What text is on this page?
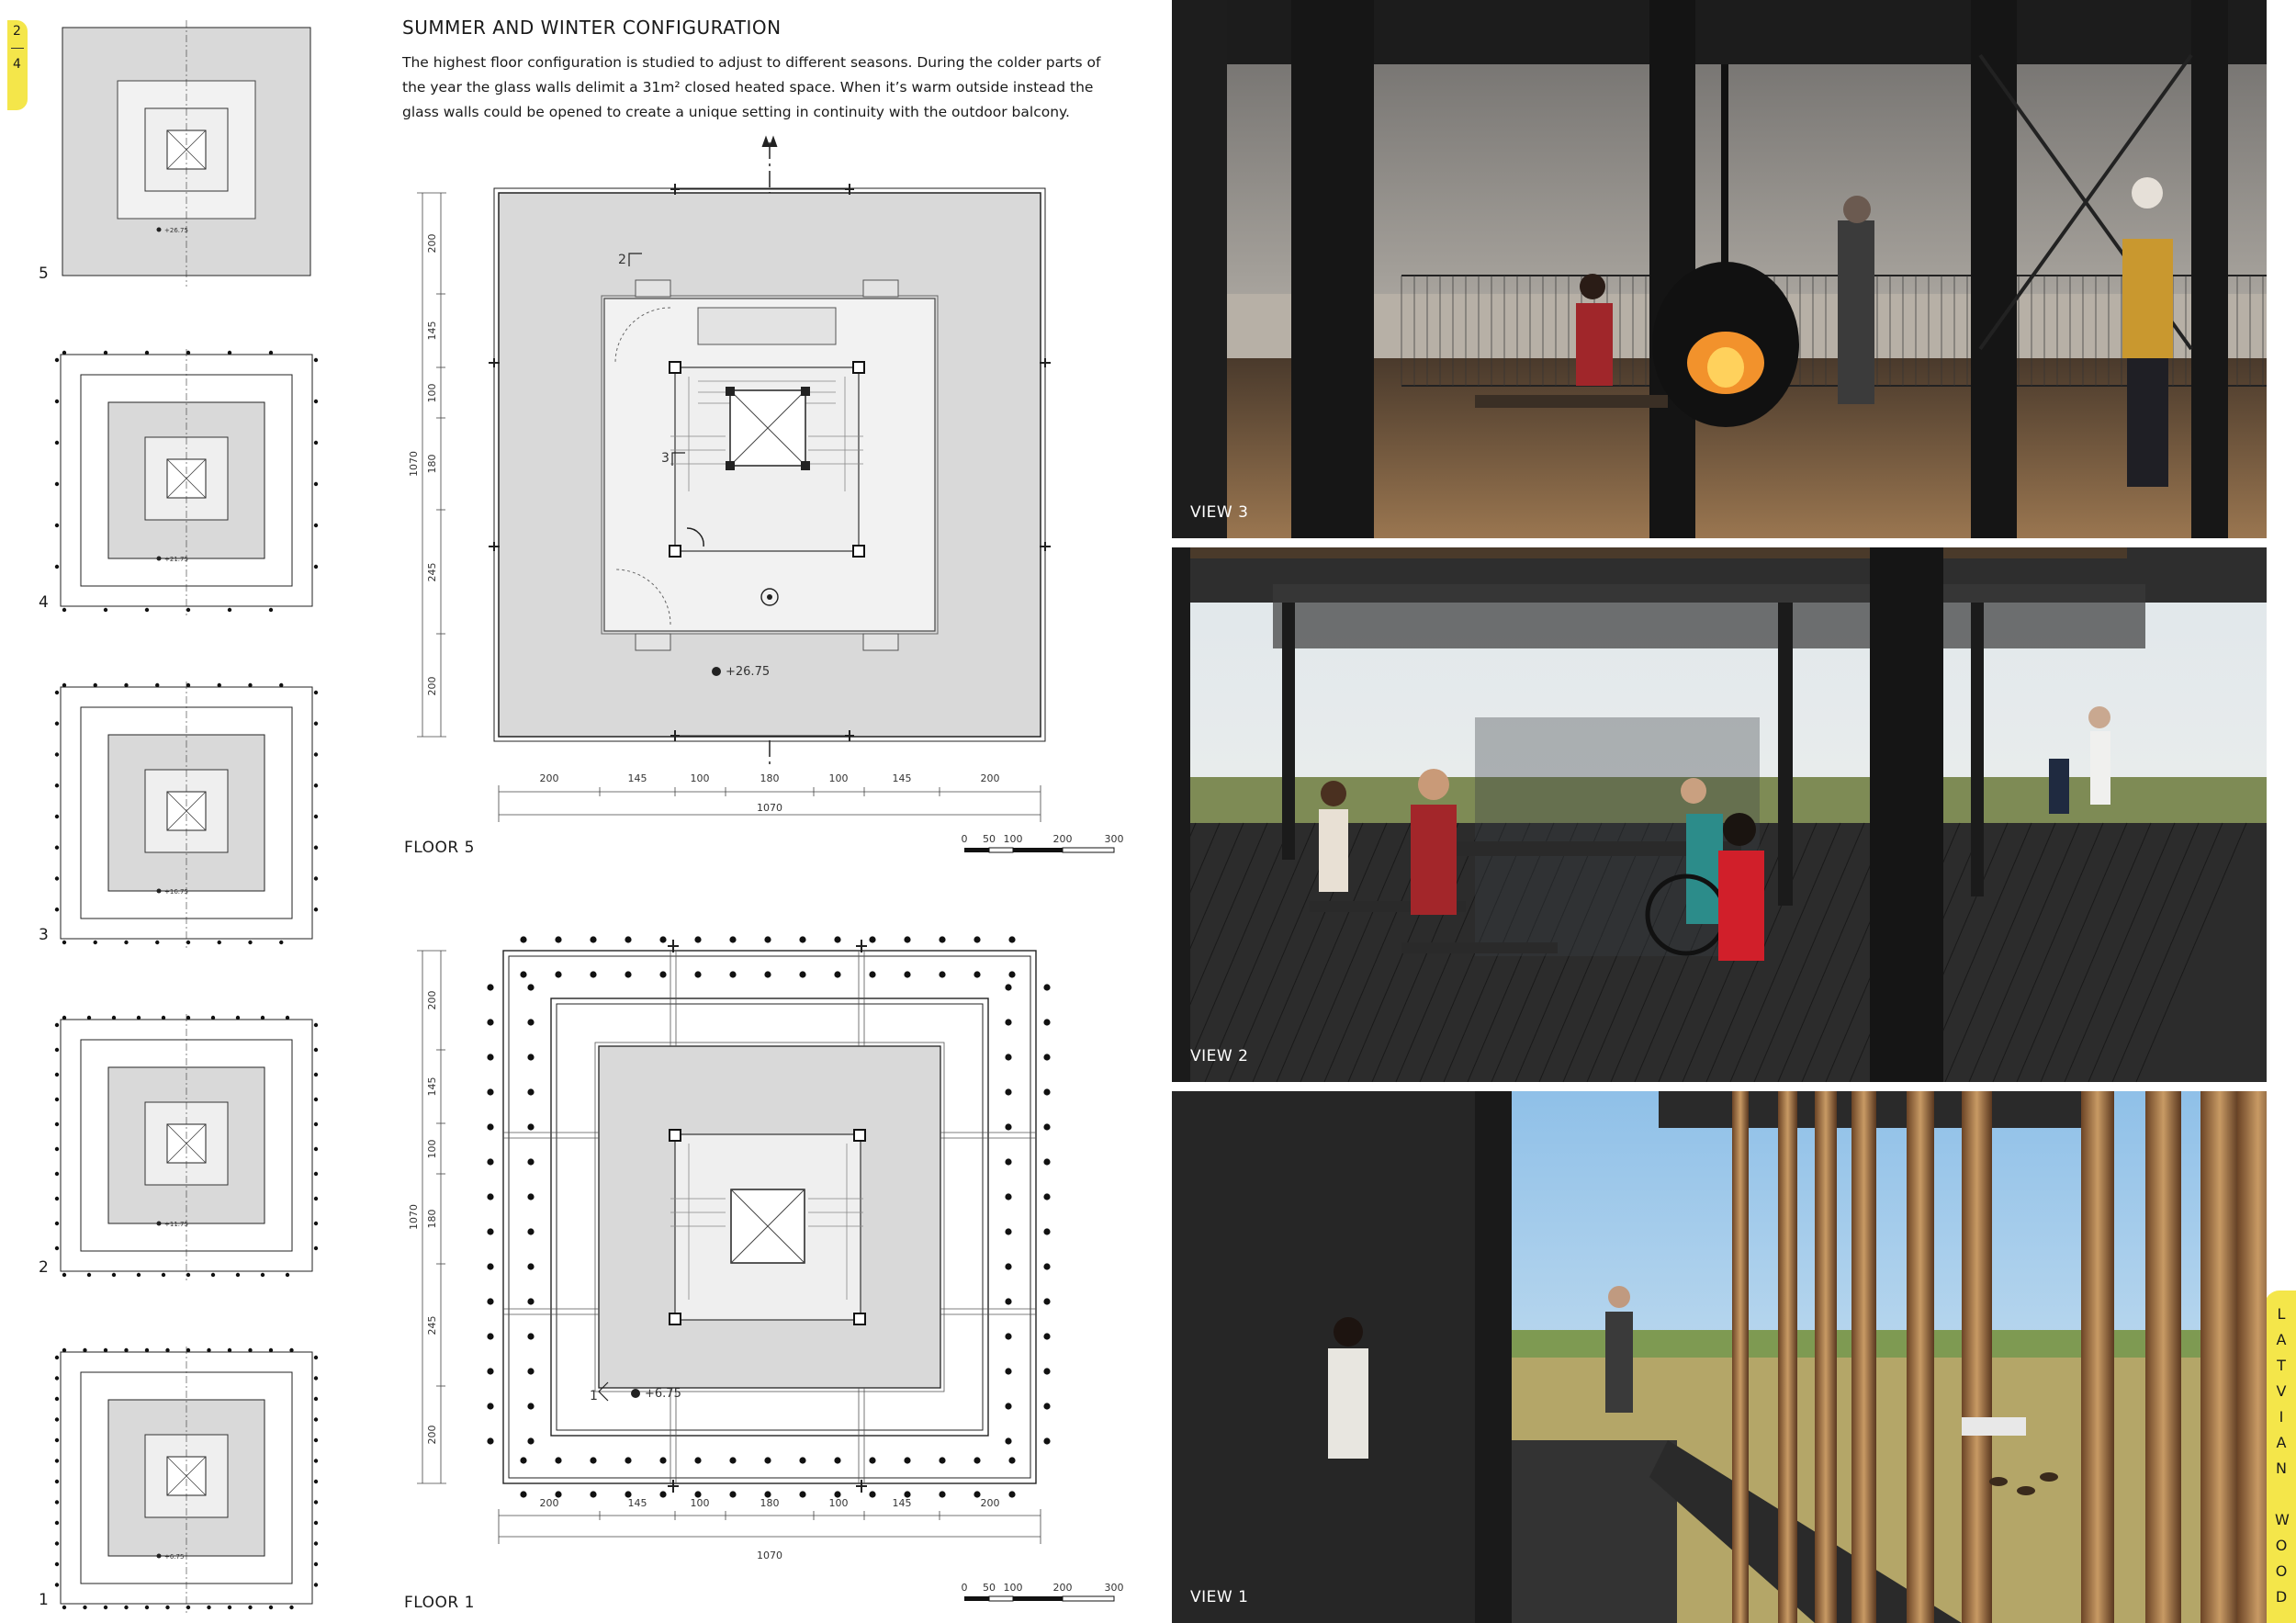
2
4
L
A
T
V
I
A
N
W
O
O
D
+26.75
5
+21.75
4
+16.75
3
+11.75
2
+6.75
1
SUMMER AND WINTER CONFIGURATION
The highest floor configuration is studied to adjust to different seasons. During the colder parts of the year the glass walls delimit a 31m² closed heated space. When it’s warm outside instead the glass walls could be opened to create a unique setting in continuity with the outdoor balcony.
2
3
+26.75
200	145	100	180	100	145	200
1070
200
145
100
180
245
200
1070
FLOOR 5	0 50 100	200	300
0 50 100	200	300
1	+6.75
200	145	100	180	100	145	200
1070
200
145
100
180
245
200
1070
FLOOR 1
VIEW 3
VIEW 2
VIEW 1
